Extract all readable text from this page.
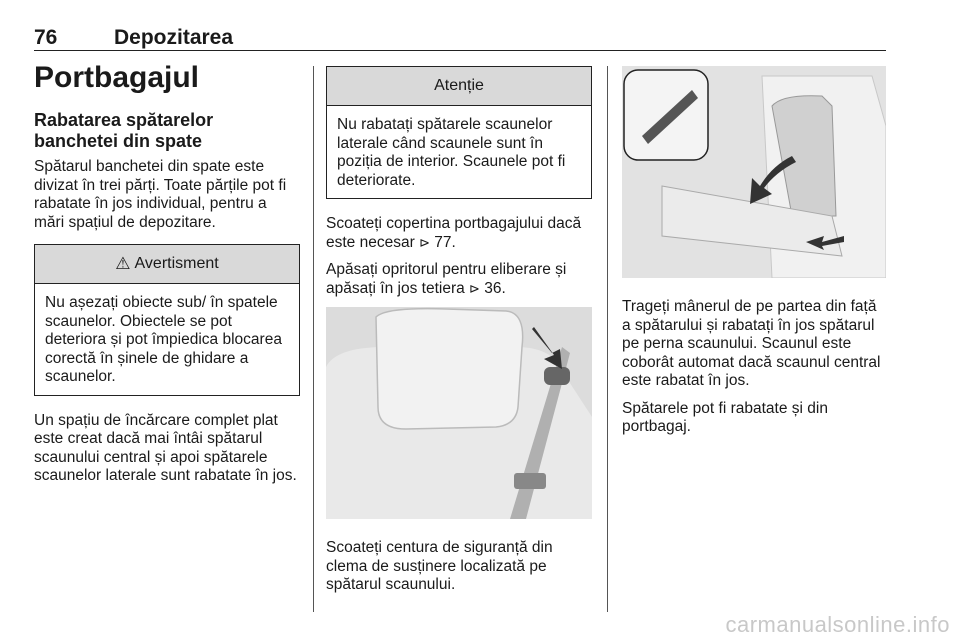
76	Depozitarea
Portbagajul
Rabatarea spătarelor banchetei din spate

Spătarul banchetei din spate este divizat în trei părți. Toate părțile pot fi rabatate în jos individual, pentru a mări spațiul de depozitare.

⚠ Avertisment
Nu așezați obiecte sub/ în spatele scaunelor. Obiectele se pot deteriora și pot împiedica blocarea corectă în șinele de ghidare a scaunelor.

Un spațiu de încărcare complet plat este creat dacă mai întâi spătarul scaunului central și apoi spătarele scaunelor laterale sunt rabatate în jos.

Atenție
Nu rabatați spătarele scaunelor laterale când scaunele sunt în poziția de interior. Scaunele pot fi deteriorate.

Scoateți copertina portbagajului dacă este necesar ⊳ 77.

Apăsați opritorul pentru eliberare și apăsați în jos tetiera ⊳ 36.

Scoateți centura de siguranță din clema de susținere localizată pe spătarul scaunului.

Trageți mânerul de pe partea din față a spătarului și rabatați în jos spătarul pe perna scaunului. Scaunul este coborât automat dacă scaunul central este rabatat în jos.

Spătarele pot fi rabatate și din portbagaj.

carmanualsonline.info
